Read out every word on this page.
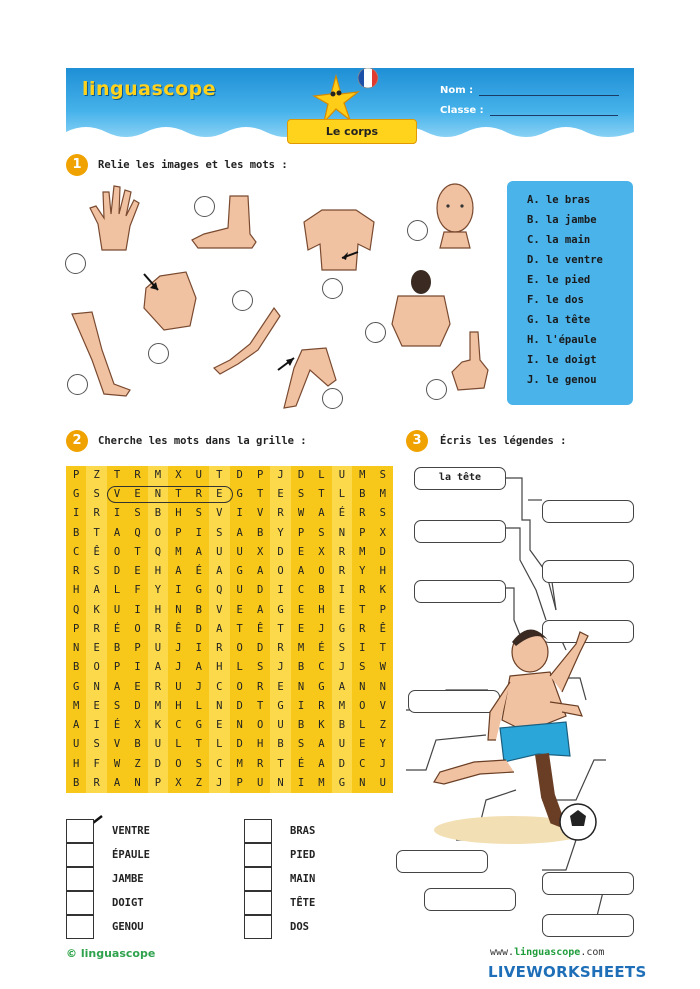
linguascope	Nom :
Classe :
Le corps
1	Relie les images et les mots :
A. le bras
B. la jambe
C. la main
D. le ventre
E. le pied
F. le dos
G. la tête
H. l'épaule
I. le doigt
J. le genou
2	Cherche les mots dans la grille :
P	Z	T	R	M	X	U	T	D	P	J	D	L	U	M	S
G	S	V	E	N	T	R	E	G	T	E	S	T	L	B	M
I	R	I	S	B	H	S	V	I	V	R	W	A	É	R	S
B	T	A	Q	O	P	I	S	A	B	Y	P	S	N	P	X
C	Ê	O	T	Q	M	A	U	U	X	D	E	X	R	M	D
R	S	D	E	H	A	É	A	G	A	O	A	O	R	Y	H
H	A	L	F	Y	I	G	Q	U	D	I	C	B	I	R	K
Q	K	U	I	H	N	B	V	E	A	G	E	H	E	T	P
P	R	É	O	R	Ê	D	A	T	Ê	T	E	J	G	R	Ê
N	E	B	P	U	J	I	R	O	D	R	M	É	S	I	T
B	O	P	I	A	J	A	H	L	S	J	B	C	J	S	W
G	N	A	E	R	U	J	C	O	R	E	N	G	A	N	N
M	E	S	D	M	H	L	N	D	T	G	I	R	M	O	V
A	I	É	X	K	C	G	E	N	O	U	B	K	B	L	Z
U	S	V	B	U	L	T	L	D	H	B	S	A	U	E	Y
H	F	W	Z	D	O	S	C	M	R	T	É	A	D	C	J
B	R	A	N	P	X	Z	J	P	U	N	I	M	G	N	U
VENTRE
ÉPAULE
JAMBE
DOIGT
GENOU
BRAS
PIED
MAIN
TÊTE
DOS
3	Écris les légendes :
la tête
© linguascope	www.linguascope.com
LIVEWORKSHEETS
